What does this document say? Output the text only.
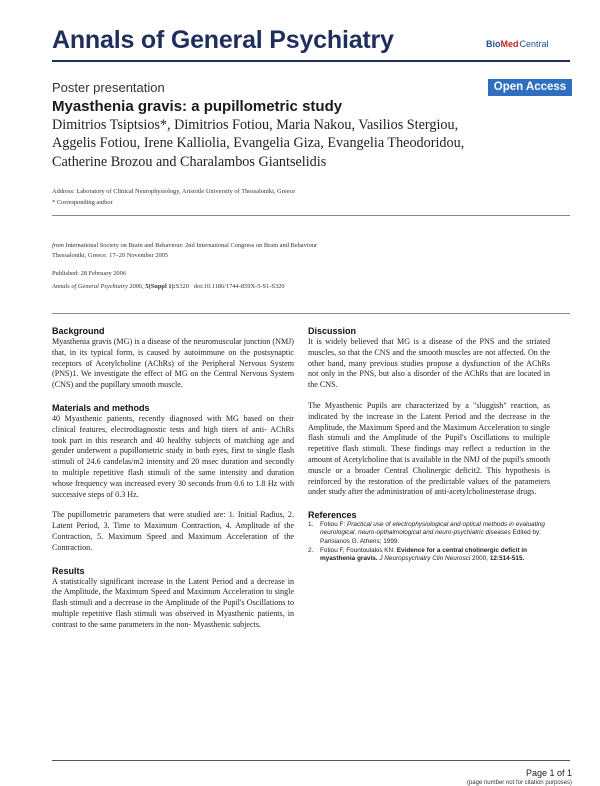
Annals of General Psychiatry	BioMedCentral
Poster presentation	Open Access
Myasthenia gravis: a pupillometric study
Dimitrios Tsiptsios*, Dimitrios Fotiou, Maria Nakou, Vasilios Stergiou,
Aggelis Fotiou, Irene Kalliolia, Evangelia Giza, Evangelia Theodoridou,
Catherine Brozou and Charalambos Giantselidis
Address: Laboratory of Clinical Neurophysiology, Aristotle University of Thessaloniki, Greece
* Corresponding author
from International Society on Brain and Behaviour: 2nd International Congress on Brain and Behaviour
Thessaloniki, Greece. 17–20 November 2005
Published: 28 February 2006
Annals of General Psychiatry 2006, 5(Suppl 1):S320 doi:10.1186/1744-859X-5-S1-S320
Background

Myasthenia gravis (MG) is a disease of the neuromuscular junction (NMJ) that, in its typical form, is caused by autoimmune on the postsynaptic receptors of Acetylcholine (AChRs) of the Peripheral Nervous System (PNS)1. We investigate the effect of MG on the Central Nervous System (CNS) and the pupillary smooth muscle.

Materials and methods

40 Myasthenic patients, recently diagnosed with MG based on their clinical features, electrodiagnostic tests and high titers of anti- AChRs took part in this research and 40 healthy subjects of matching age and gender underwent a pupillometric study in both eyes, first to single flash stimuli of 24.6 candelas/m2 intensity and 20 msec duration and secondly to multiple repetitive flash stimuli of the same intensity and duration whose frequency was increased every 30 seconds from 0.6 to 1.8 Hz with successive steps of 0.3 Hz.

The pupillometric parameters that were studied are: 1. Initial Radius, 2. Latent Period, 3. Time to Maximum Contraction, 4. Amplitude of the Contraction, 5. Maximum Speed and Maximum Acceleration of the Contraction.

Results

A statistically significant increase in the Latent Period and a decrease in the Amplitude, the Maximum Speed and Maximum Acceleration to single flash stimuli and a decrease in the Amplitude of the Pupil's Oscillations to multiple repetitive flash stimuli was observed in Myasthenic patients, in contrast to the same parameters in the non- Myasthenic subjects.

Discussion

It is widely believed that MG is a disease of the PNS and the striated muscles, so that the CNS and the smooth muscles are not affected. On the other hand, many previous studies propose a dysfunction of the AChRs not only in the PNS, but also a disorder of the AChRs that are located in the CNS.

The Myasthenic Pupils are characterized by a "sluggish" reaction, as indicated by the increase in the Latent Period and the decrease in the Amplitude, the Maximum Speed and the Maximum Acceleration to single flash stimuli and the Amplitude of the Pupil's Oscillations to multiple repetitive flash stimuli. These findings may reflect a reduction in the amount of Acetylcholine that is available in the NMJ of the pupil's smooth muscle or a broader Central Cholinergic deficit2. This hypothesis is reinforced by the restoration of the predictable values of the parameters under study after the administration of anti-acetylcholinesterase drugs.

References
1.	Fotiou F: Practical use of electrophysiological and optical methods in evaluating neurological, neuro-opthalmological and neuro-psychiatric diseases Edited by: Parisianos G. Athens; 1999.
2.	Fotiou F, Fountoulakis KN: Evidence for a central cholinergic deficit in myasthenia gravis. J Neuropsychiatry Clin Neurosci 2000, 12:514-515.
Page 1 of 1
(page number not for citation purposes)
